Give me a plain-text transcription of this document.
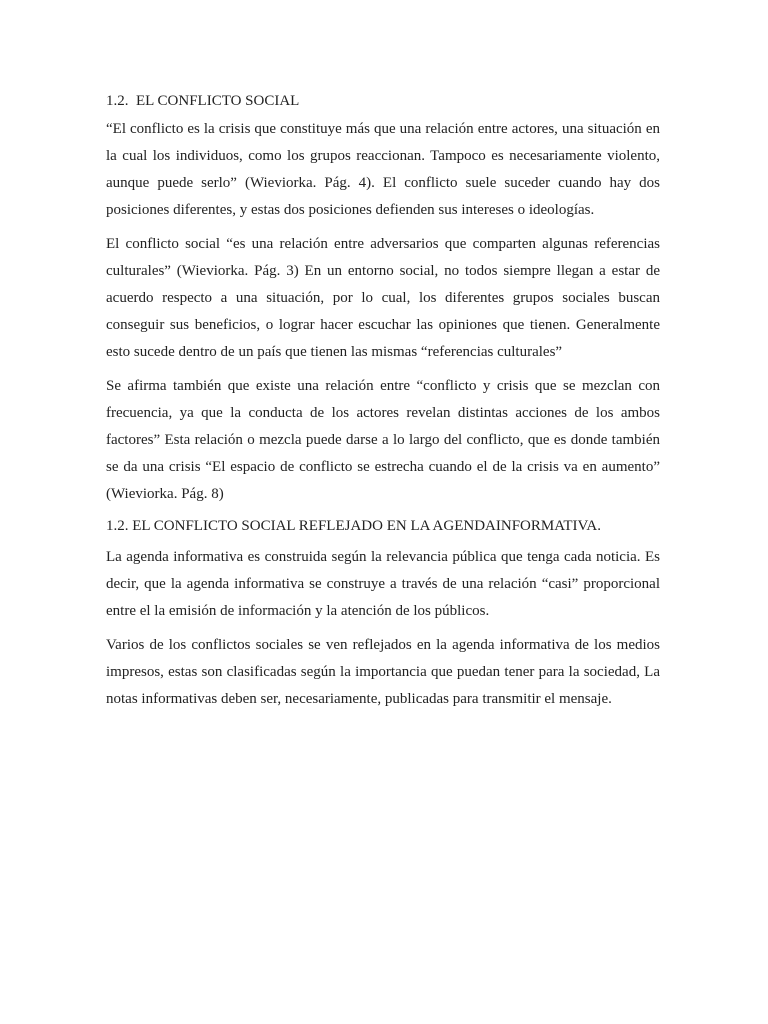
1.2.  EL CONFLICTO SOCIAL

“El conflicto es la crisis que constituye más que una relación entre actores, una situación en la cual los individuos, como los grupos reaccionan. Tampoco es necesariamente violento, aunque puede serlo” (Wieviorka. Pág. 4). El conflicto suele suceder cuando hay dos posiciones diferentes, y estas dos posiciones defienden sus intereses o ideologías.

El conflicto social “es una relación entre adversarios que comparten algunas referencias culturales” (Wieviorka. Pág. 3) En un entorno social, no todos siempre llegan a estar de acuerdo respecto a una situación, por lo cual, los diferentes grupos sociales buscan conseguir sus beneficios, o lograr hacer escuchar las opiniones que tienen. Generalmente esto sucede dentro de un país que tienen las mismas “referencias culturales”

Se afirma también que existe una relación entre “conflicto y crisis que se mezclan con frecuencia, ya que la conducta de los actores revelan distintas acciones de los ambos factores” Esta relación o mezcla puede darse a lo largo del conflicto, que es donde también se da una crisis “El espacio de conflicto se estrecha cuando el de la crisis va en aumento” (Wieviorka. Pág. 8)

1.2. EL CONFLICTO SOCIAL REFLEJADO EN LA AGENDAINFORMATIVA.

La agenda informativa es construida según la relevancia pública que tenga cada noticia. Es decir, que la agenda informativa se construye a través de una relación “casi” proporcional entre el la emisión de información y la atención de los públicos.

Varios de los conflictos sociales se ven reflejados en la agenda informativa de los medios impresos, estas son clasificadas según la importancia que puedan tener para la sociedad, La notas informativas deben ser, necesariamente, publicadas para transmitir el mensaje.
